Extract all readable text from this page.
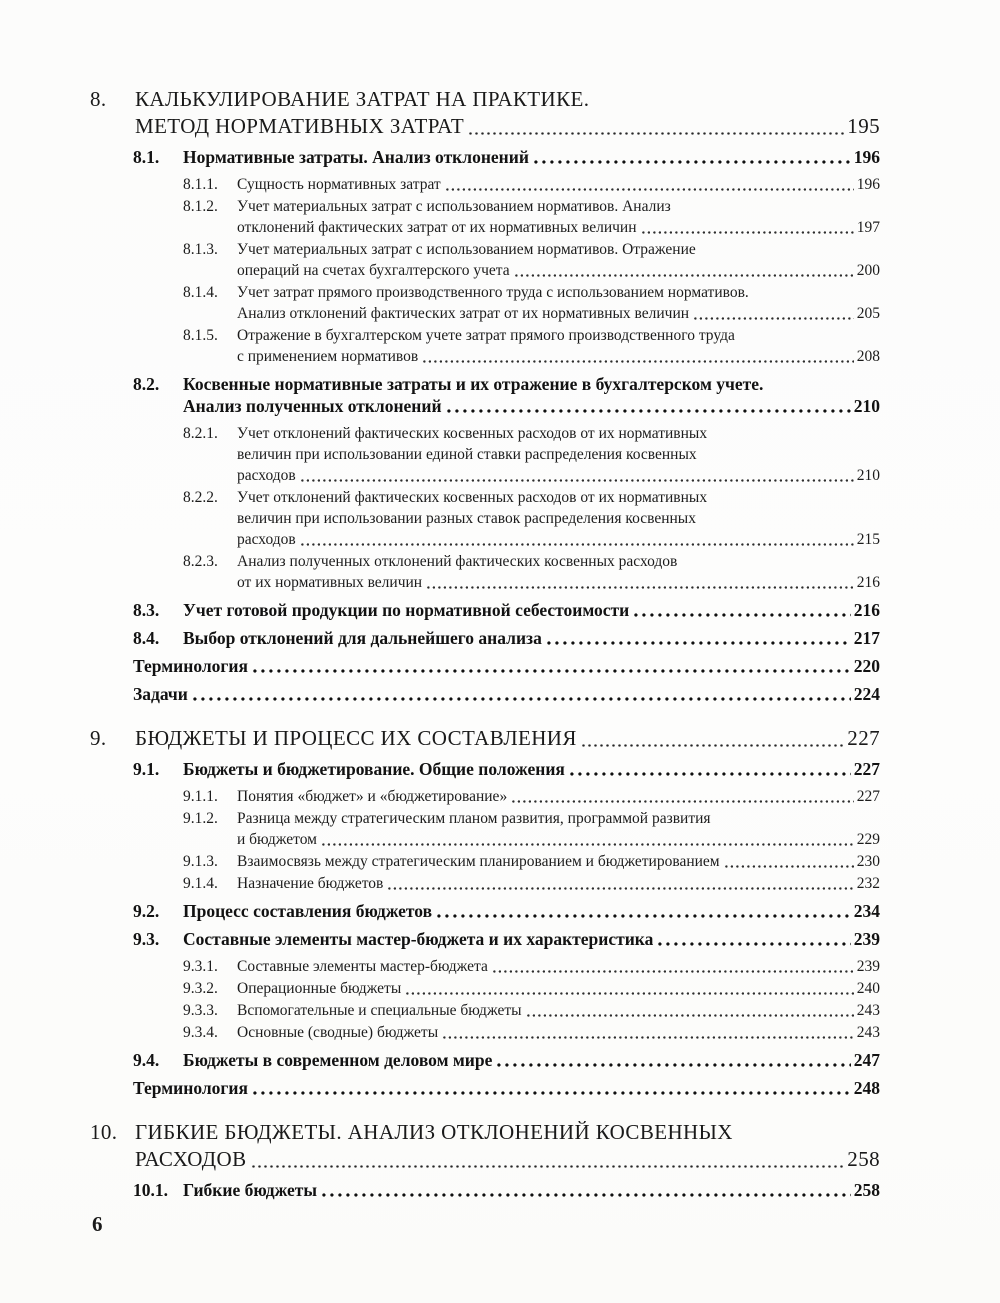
8.	КАЛЬКУЛИРОВАНИЕ ЗАТРАТ НА ПРАКТИКЕ.
МЕТОД НОРМАТИВНЫХ ЗАТРАТ	195
8.1.	Нормативные затраты. Анализ отклонений	196
8.1.1.	Сущность нормативных затрат	196
8.1.2.	Учет материальных затрат с использованием нормативов. Анализ
отклонений фактических затрат от их нормативных величин	197
8.1.3.	Учет материальных затрат с использованием нормативов. Отражение
операций на счетах бухгалтерского учета	200
8.1.4.	Учет затрат прямого производственного труда с использованием нормативов.
Анализ отклонений фактических затрат от их нормативных величин	205
8.1.5.	Отражение в бухгалтерском учете затрат прямого производственного труда
с применением нормативов	208
8.2.	Косвенные нормативные затраты и их отражение в бухгалтерском учете.
Анализ полученных отклонений	210
8.2.1.	Учет отклонений фактических косвенных расходов от их нормативных
величин при использовании единой ставки распределения косвенных
расходов	210
8.2.2.	Учет отклонений фактических косвенных расходов от их нормативных
величин при использовании разных ставок распределения косвенных
расходов	215
8.2.3.	Анализ полученных отклонений фактических косвенных расходов
от их нормативных величин	216
8.3.	Учет готовой продукции по нормативной себестоимости	216
8.4.	Выбор отклонений для дальнейшего анализа	217
Терминология	220
Задачи	224
9.	БЮДЖЕТЫ И ПРОЦЕСС ИХ СОСТАВЛЕНИЯ	227
9.1.	Бюджеты и бюджетирование. Общие положения	227
9.1.1.	Понятия «бюджет» и «бюджетирование»	227
9.1.2.	Разница между стратегическим планом развития, программой развития
и бюджетом	229
9.1.3.	Взаимосвязь между стратегическим планированием и бюджетированием	230
9.1.4.	Назначение бюджетов	232
9.2.	Процесс составления бюджетов	234
9.3.	Составные элементы мастер-бюджета и их характеристика	239
9.3.1.	Составные элементы мастер-бюджета	239
9.3.2.	Операционные бюджеты	240
9.3.3.	Вспомогательные и специальные бюджеты	243
9.3.4.	Основные (сводные) бюджеты	243
9.4.	Бюджеты в современном деловом мире	247
Терминология	248
10. ГИБКИЕ БЮДЖЕТЫ. АНАЛИЗ ОТКЛОНЕНИЙ КОСВЕННЫХ
РАСХОДОВ	258
10.1. Гибкие бюджеты	258
6
